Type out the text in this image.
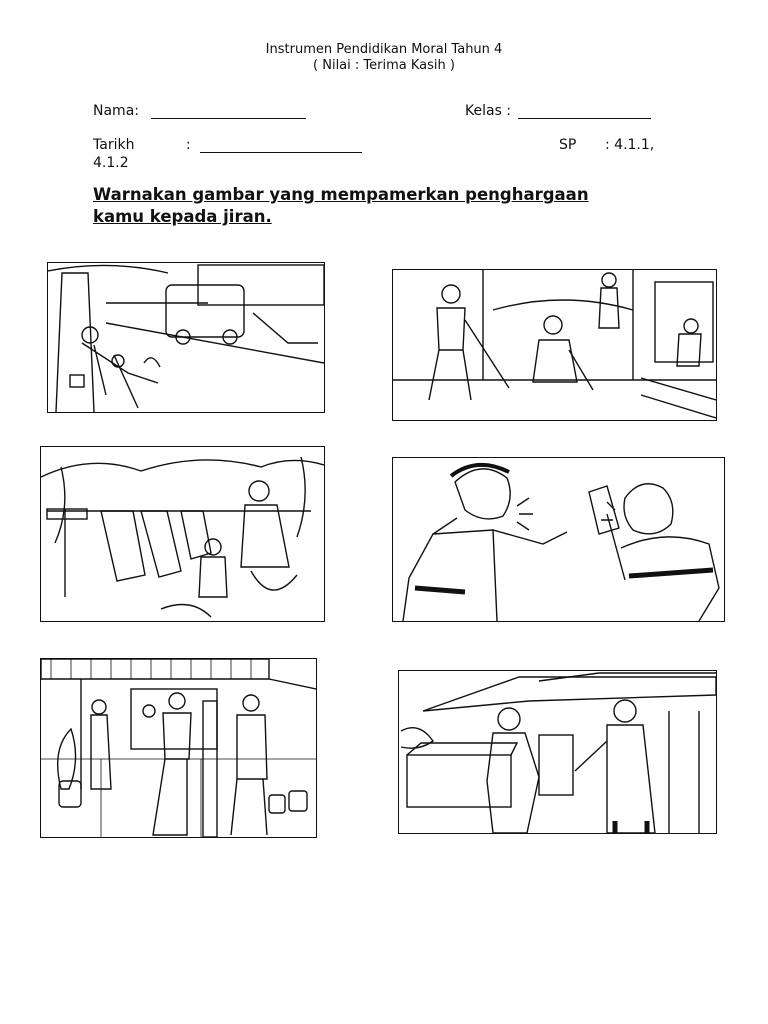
Instrumen Pendidikan Moral Tahun 4
( Nilai : Terima Kasih )
Nama:	Kelas :
Tarikh	:	SP : 4.1.1,
4.1.2
Warnakan gambar yang mempamerkan penghargaan
kamu kepada jiran.
